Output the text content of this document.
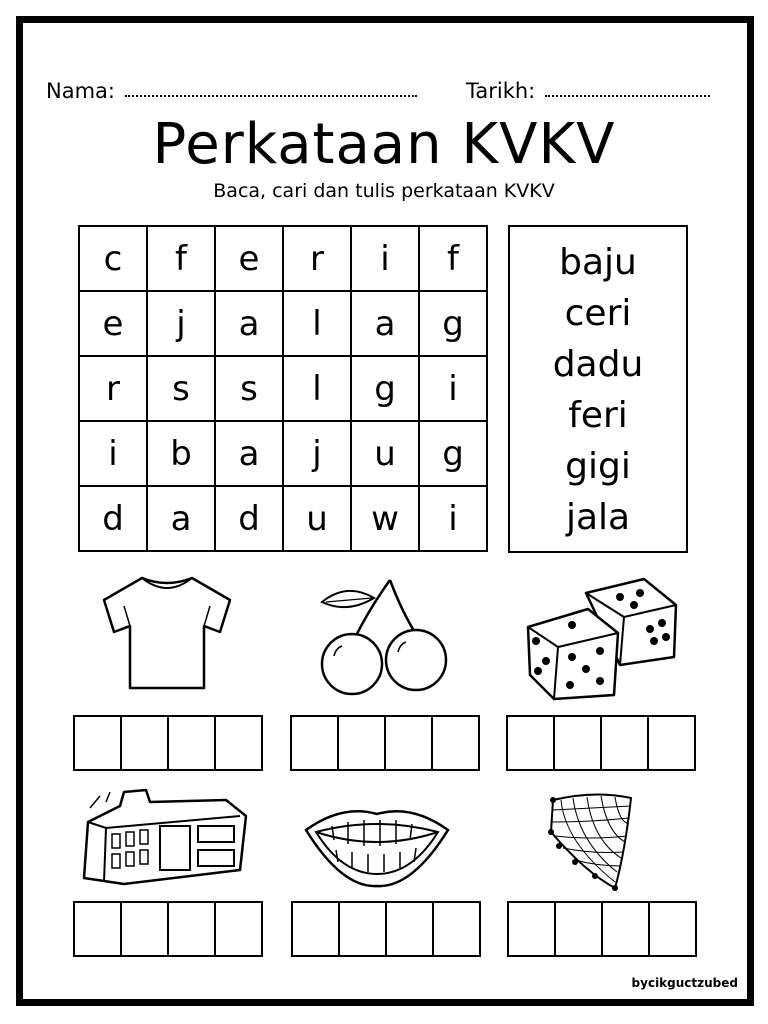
Nama:	Tarikh:
Perkataan KVKV
Baca, cari dan tulis perkataan KVKV
c	f	e	r	i	f
e	j	a	l	a	g
r	s	s	l	g	i
i	b	a	j	u	g
d	a	d	u	w	i
baju
ceri
dadu
feri
gigi
jala
bycikguctzubed
